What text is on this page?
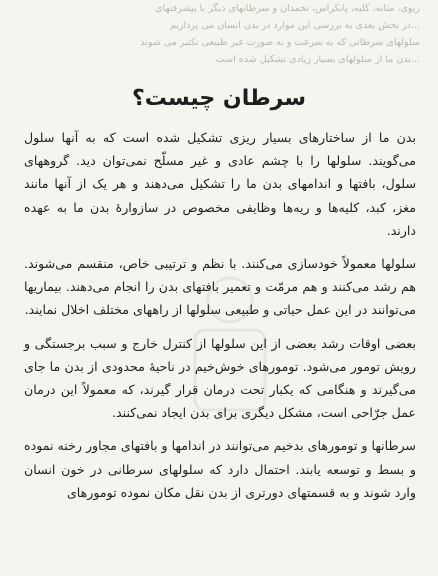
ریوی، مثانه، کلیه، پانکراس، تخمدان و سرطانهای دیگر با پیشرفتهای
...در بخش بعدی به بررسی این موارد در بدن انسان می پردازیم
سلولهای سرطانی که به سرعت و به صورت غیر طبیعی تکثیر می شوند
...بدن ما از سلولهای بسیار زیادی تشکیل شده است
سرطان چیست؟

بدن ما از ساختارهای بسیار ریزی تشکیل شده است که به آنها سلول می‌گویند. سلولها را با چشم عادی و غیر مسلّح نمی‌توان دید. گروههای سلول، بافتها و اندامهای بدن ما را تشکیل می‌دهند و هر یک از آنها مانند مغز، کبد، کلیه‌ها و ریه‌ها وظایفی مخصوص در سازوارهٔ بدن ما به عهده دارند.

سلولها معمولاً خودسازی می‌کنند. با نظم و ترتیبی خاص، منقسم می‌شوند. هم رشد می‌کنند و هم مرمّت و تعمیر بافتهای بدن را انجام می‌دهند. بیماریها می‌توانند در این عمل حیاتی و طبیعی سلولها از راههای مختلف اخلال نمایند.

بعضی اوقات رشد بعضی از این سلولها از کنترل خارج و سبب برجستگی و رویش تومور می‌شود. تومورهای خوش‌خیم در ناحیهٔ محدودی از بدن ما جای می‌گیرند و هنگامی که یکبار تحت درمان قرار گیرند، که معمولاً این درمان عمل جرّاحی است، مشکل دیگری برای بدن ایجاد نمی‌کنند.

سرطانها و تومورهای بدخیم می‌توانند در اندامها و بافتهای مجاور رخنه نموده و بسط و توسعه یابند. احتمال دارد که سلولهای سرطانی در خون انسان وارد شوند و به قسمتهای دورتری از بدن نقل مکان نموده تومورهای
